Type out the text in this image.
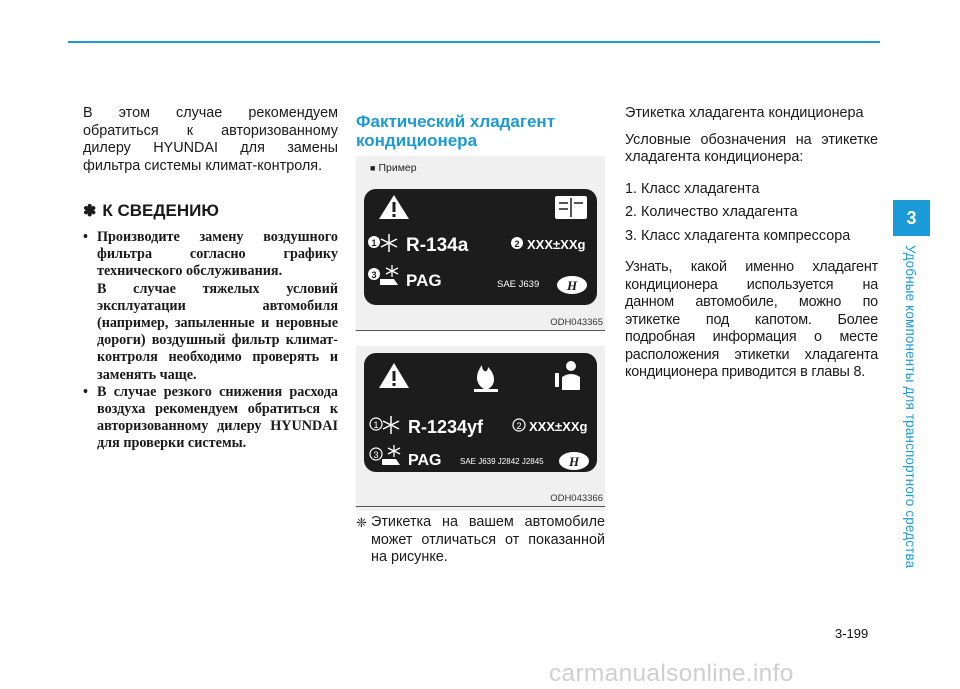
В этом случае рекомендуем обратиться к авторизованному дилеру HYUNDAI для замены фильтра системы климат-контроля.

✽ К СВЕДЕНИЮ
• Производите замену воздушного фильтра согласно графику технического обслуживания.
В случае тяжелых условий эксплуатации автомобиля (например, запыленные и неровные дороги) воздушный фильтр климат-контроля необходимо проверять и заменять чаще.
• В случае резкого снижения расхода воздуха рекомендуем обратиться к авторизованному дилеру HYUNDAI для проверки системы.
Фактический хладагент кондиционера
■ Пример
1 R-134a	2 XXX±XXg
3 PAG	SAE J639 H
ODH043365
1 R-1234yf	2 XXX±XXg
3 PAG SAE J639 J2842 J2845 H
ODH043366
❈ Этикетка на вашем автомобиле может отличаться от показанной на рисунке.

Этикетка хладагента кондиционера

Условные обозначения на этикетке хладагента кондиционера:

1. Класс хладагента
2. Количество хладагента
3. Класс хладагента компрессора

Узнать, какой именно хладагент кондиционера используется на данном автомобиле, можно по этикетке под капотом. Более подробная информация о месте расположения этикетки хладагента кондиционера приводится в главы 8.

3
Удобные компоненты для транспортного средства
3-199
carmanualsonline.info
